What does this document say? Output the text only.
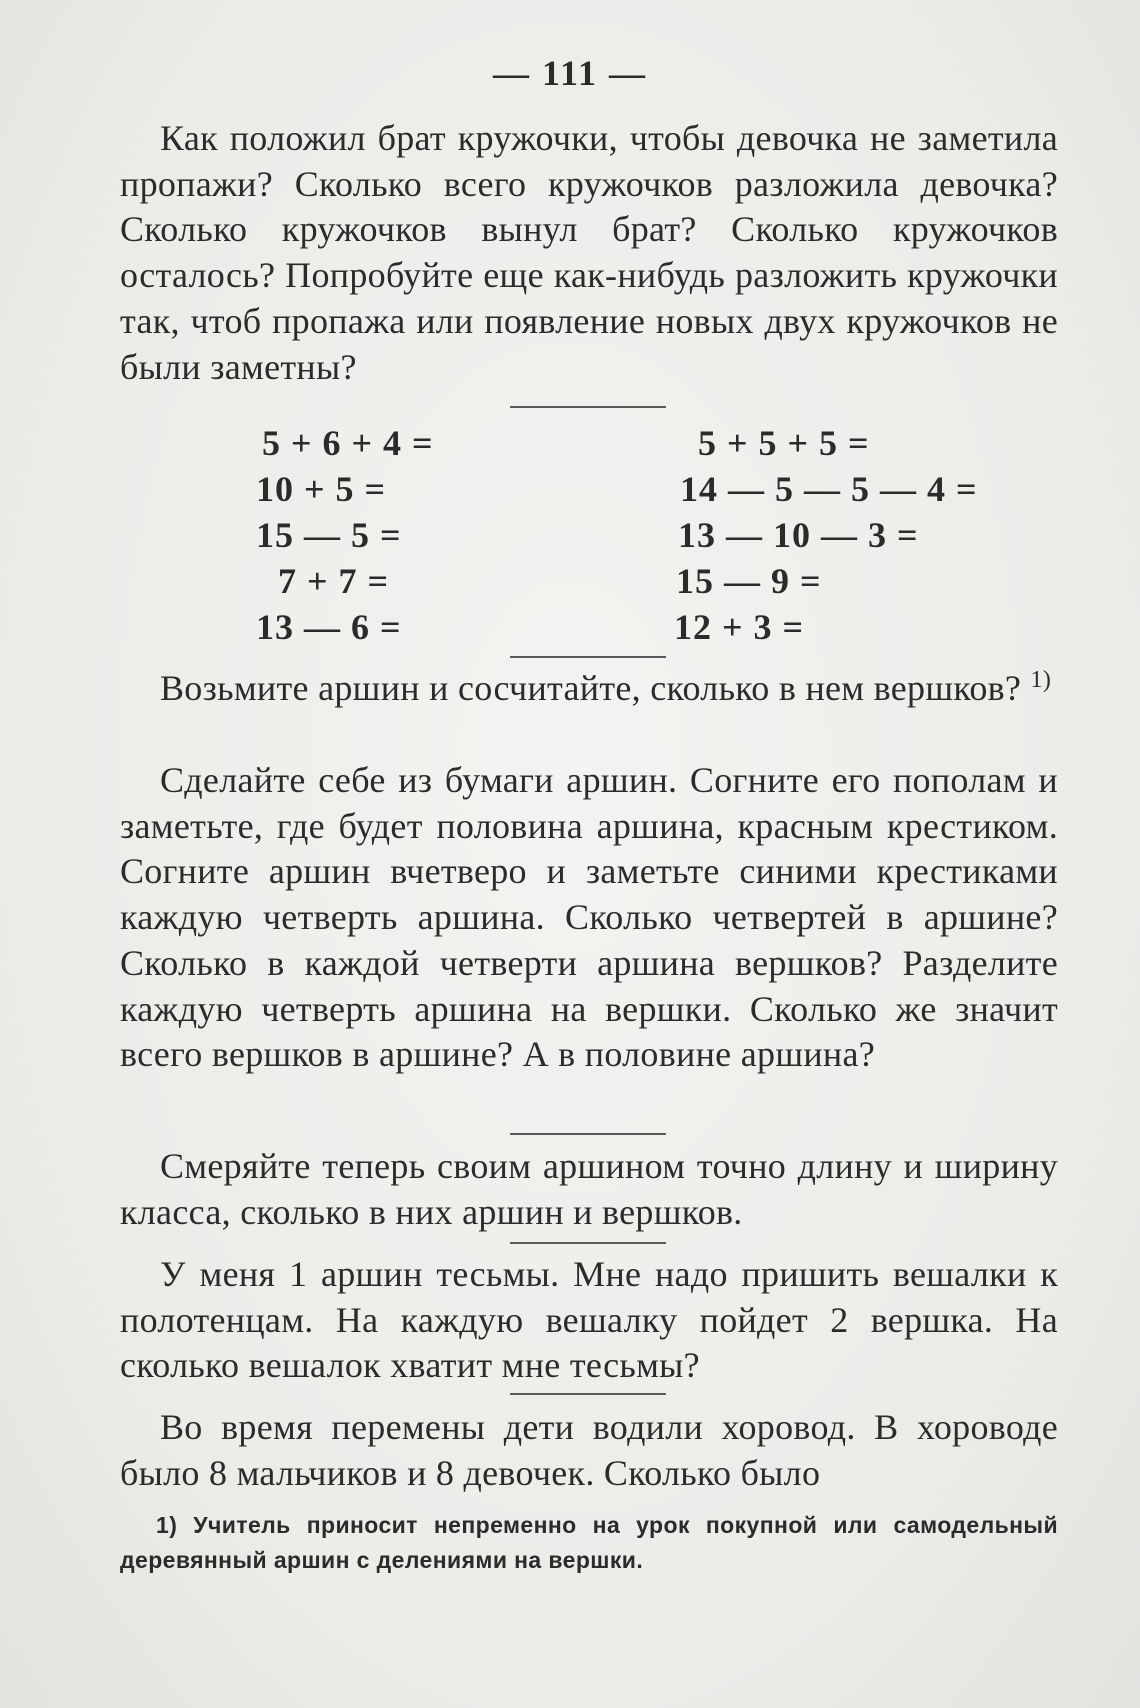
— 111 —
Как положил брат кружочки, чтобы девочка не заметила пропажи? Сколько всего кружочков разложила девочка? Сколько кружочков вынул брат? Сколько кружочков осталось? Попробуйте еще как-нибудь разложить кружочки так, чтоб пропажа или появление новых двух кружочков не были заметны?
5 + 6 + 4 =
10 + 5 =
15 — 5 =
7 + 7 =
13 — 6 =
5 + 5 + 5 =
14 — 5 — 5 — 4 =
13 — 10 — 3 =
15 — 9 =
12 + 3 =
Возьмите аршин и сосчитайте, сколько в нем вершков? $^{1)}$
Сделайте себе из бумаги аршин. Согните его пополам и заметьте, где будет половина аршина, красным крестиком. Согните аршин вчетверо и заметьте синими крестиками каждую четверть аршина. Сколько четвертей в аршине? Сколько в каждой четверти аршина вершков? Разделите каждую четверть аршина на вершки. Сколько же значит всего вершков в аршине? А в половине аршина?
Смеряйте теперь своим аршином точно длину и ширину класса, сколько в них аршин и вершков.
У меня 1 аршин тесьмы. Мне надо пришить вешалки к полотенцам. На каждую вешалку пойдет 2 вершка. На сколько вешалок хватит мне тесьмы?
Во время перемены дети водили хоровод. В хороводе было 8 мальчиков и 8 девочек. Сколько было
1) Учитель приносит непременно на урок покупной или самодельный деревянный аршин с делениями на вершки.
